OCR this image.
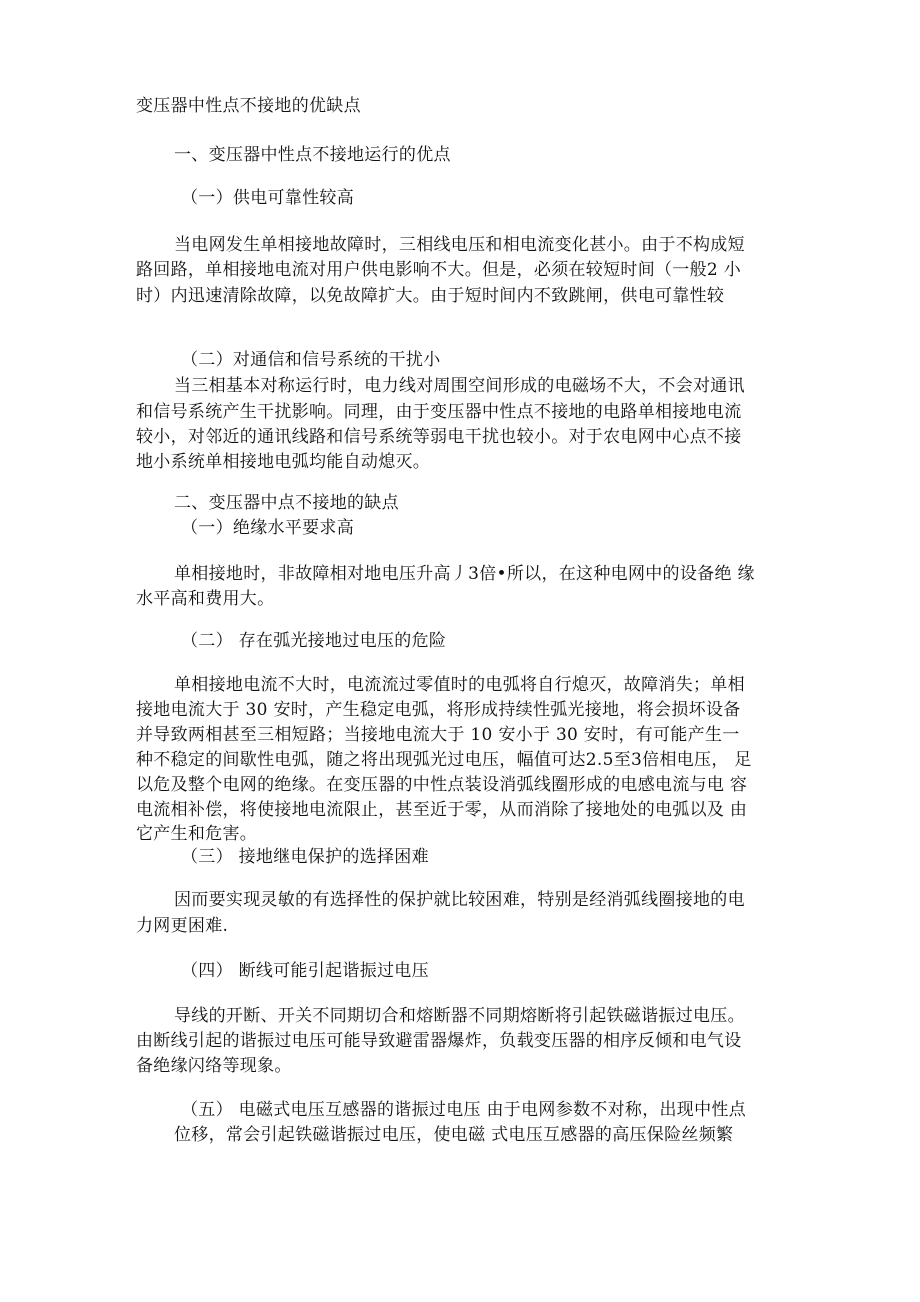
变压器中性点不接地的优缺点
一、变压器中性点不接地运行的优点
（一）供电可靠性较高
当电网发生单相接地故障时，三相线电压和相电流变化甚小。由于不构成短
路回路，单相接地电流对用户供电影响不大。但是，必须在较短时间（一般2 小
时）内迅速清除故障，以免故障扩大。由于短时间内不致跳闸，供电可靠性较
（二）对通信和信号系统的干扰小
当三相基本对称运行时，电力线对周围空间形成的电磁场不大，不会对通讯
和信号系统产生干扰影响。同理，由于变压器中性点不接地的电路单相接地电流
较小，对邻近的通讯线路和信号系统等弱电干扰也较小。对于农电网中心点不接
地小系统单相接地电弧均能自动熄灭。
二、变压器中点不接地的缺点
（一）绝缘水平要求高
单相接地时，非故障相对地电压升高丿3倍•所以，在这种电网中的设备绝 缘
水平高和费用大。
（二） 存在弧光接地过电压的危险
单相接地电流不大时，电流流过零值时的电弧将自行熄灭，故障消失；单相
接地电流大于 30 安时，产生稳定电弧，将形成持续性弧光接地，将会损坏设备
并导致两相甚至三相短路；当接地电流大于 10 安小于 30 安时，有可能产生一
种不稳定的间歇性电弧，随之将出现弧光过电压，幅值可达2.5至3倍相电压， 足
以危及整个电网的绝缘。在变压器的中性点装设消弧线圈形成的电感电流与电 容
电流相补偿，将使接地电流限止，甚至近于零，从而消除了接地处的电弧以及 由
它产生和危害。
（三） 接地继电保护的选择困难
因而要实现灵敏的有选择性的保护就比较困难，特别是经消弧线圈接地的电
力网更困难.
（四） 断线可能引起谐振过电压
导线的开断、开关不同期切合和熔断器不同期熔断将引起铁磁谐振过电压。
由断线引起的谐振过电压可能导致避雷器爆炸，负载变压器的相序反倾和电气设
备绝缘闪络等现象。
（五） 电磁式电压互感器的谐振过电压 由于电网参数不对称，出现中性点
位移，常会引起铁磁谐振过电压，使电磁 式电压互感器的高压保险丝频繁
